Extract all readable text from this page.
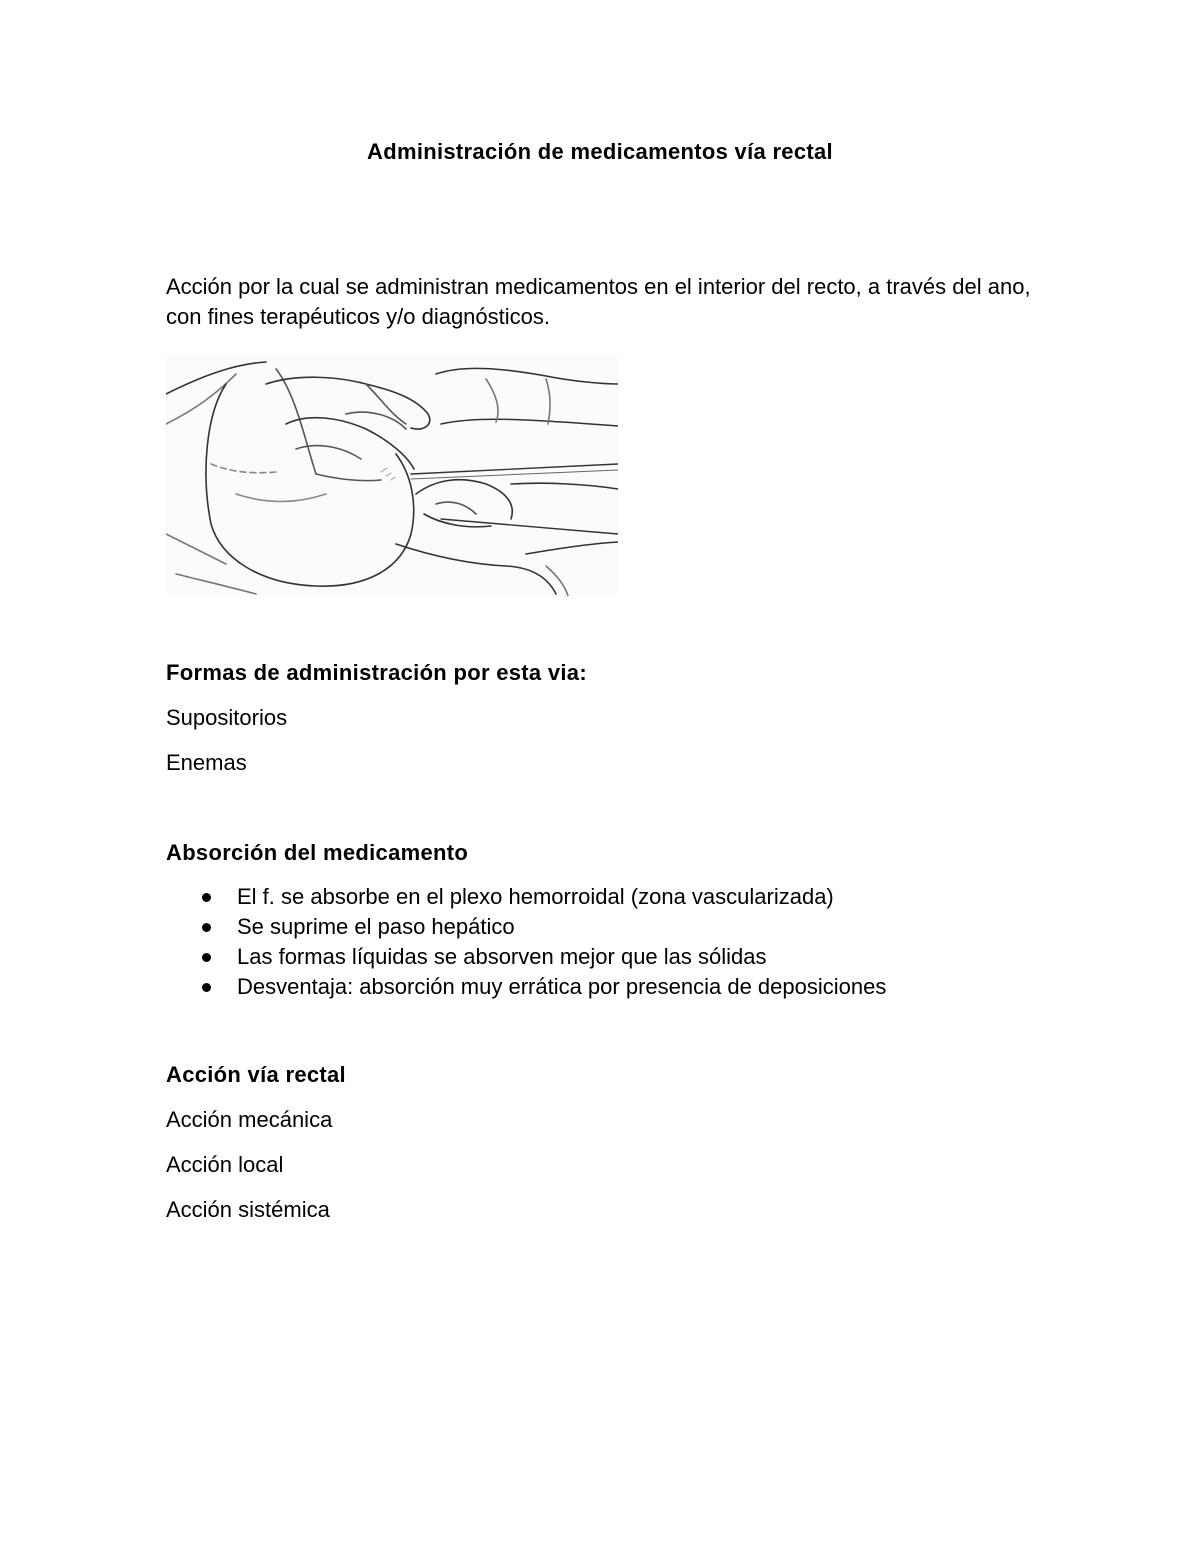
Administración de medicamentos vía rectal
Acción por la cual se administran medicamentos en el interior del recto, a través del ano, con fines terapéuticos y/o diagnósticos.
Formas de administración por esta via:
Supositorios
Enemas
Absorción del medicamento
El f. se absorbe en el plexo hemorroidal (zona vascularizada)
Se suprime el paso hepático
Las formas líquidas se absorven mejor que las sólidas
Desventaja: absorción muy errática por presencia de deposiciones
Acción vía rectal
Acción mecánica
Acción local
Acción sistémica
